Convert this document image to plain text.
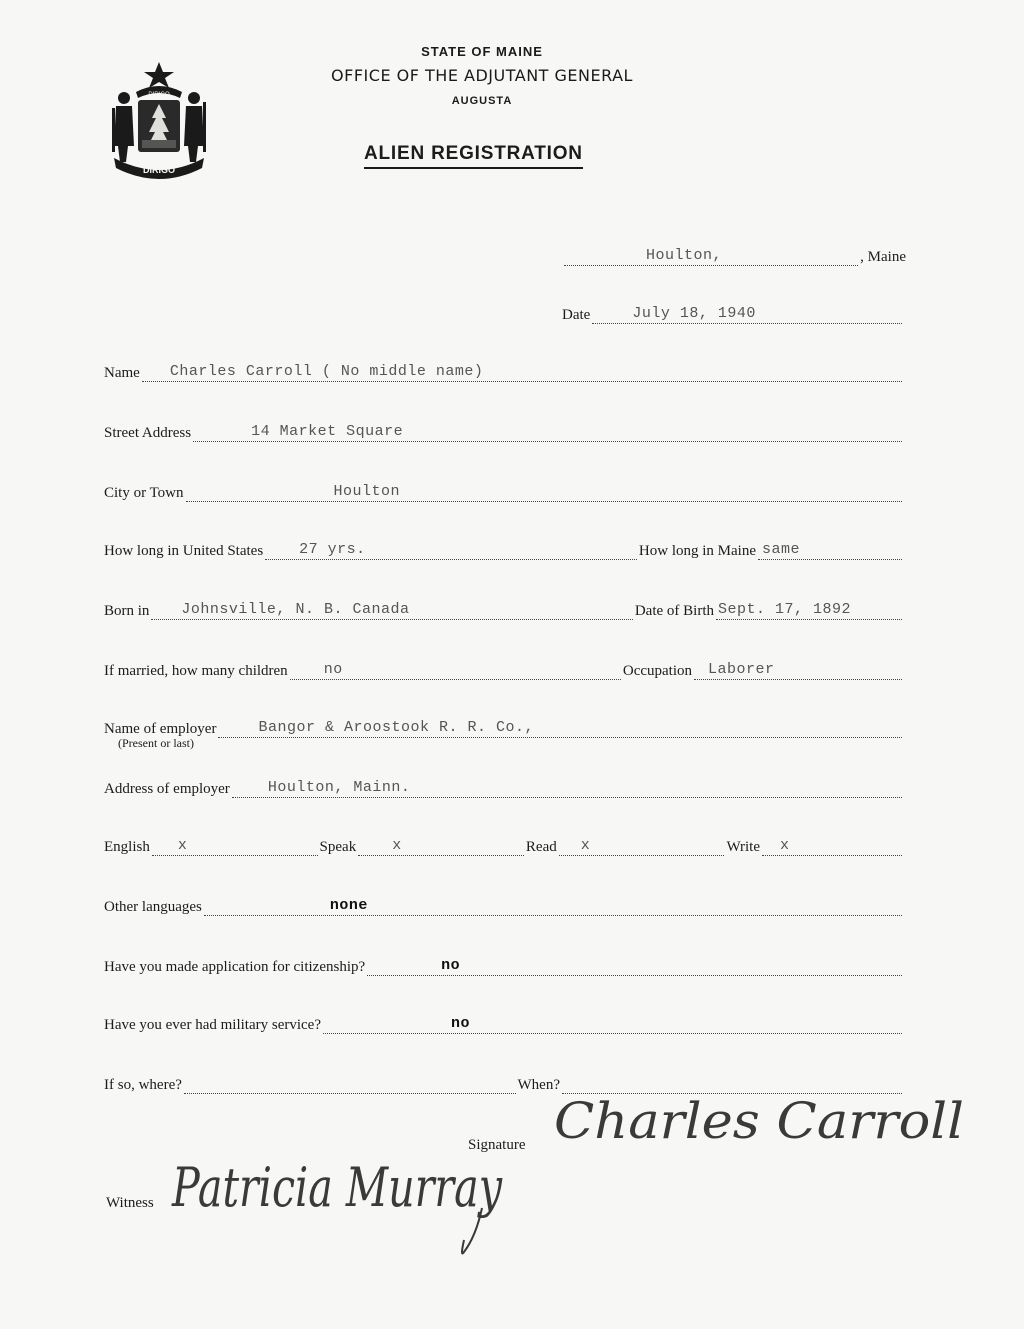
DIRIGO
DIRIGO
STATE OF MAINE
OFFICE OF THE ADJUTANT GENERAL
AUGUSTA
ALIEN REGISTRATION
Houlton,	, Maine
Date	July 18, 1940
Name Charles Carroll ( No middle name)
Street Address	14 Market Square
City or Town	Houlton
How long in United States 27 yrs.	How long in Maine same
Born in Johnsville, N. B. Canada	Date of Birth Sept. 17, 1892
If married, how many children no	Occupation Laborer
Name of employer	Bangor & Aroostook R. R. Co.,
(Present or last)
Address of employer	Houlton, Mainn.
English x	Speak x	Read x	Write x
Other languages	none
Have you made application for citizenship?	no
Have you ever had military service?	no
If so, where?	When?
Signature Charles Carroll
Witness Patricia Murray
